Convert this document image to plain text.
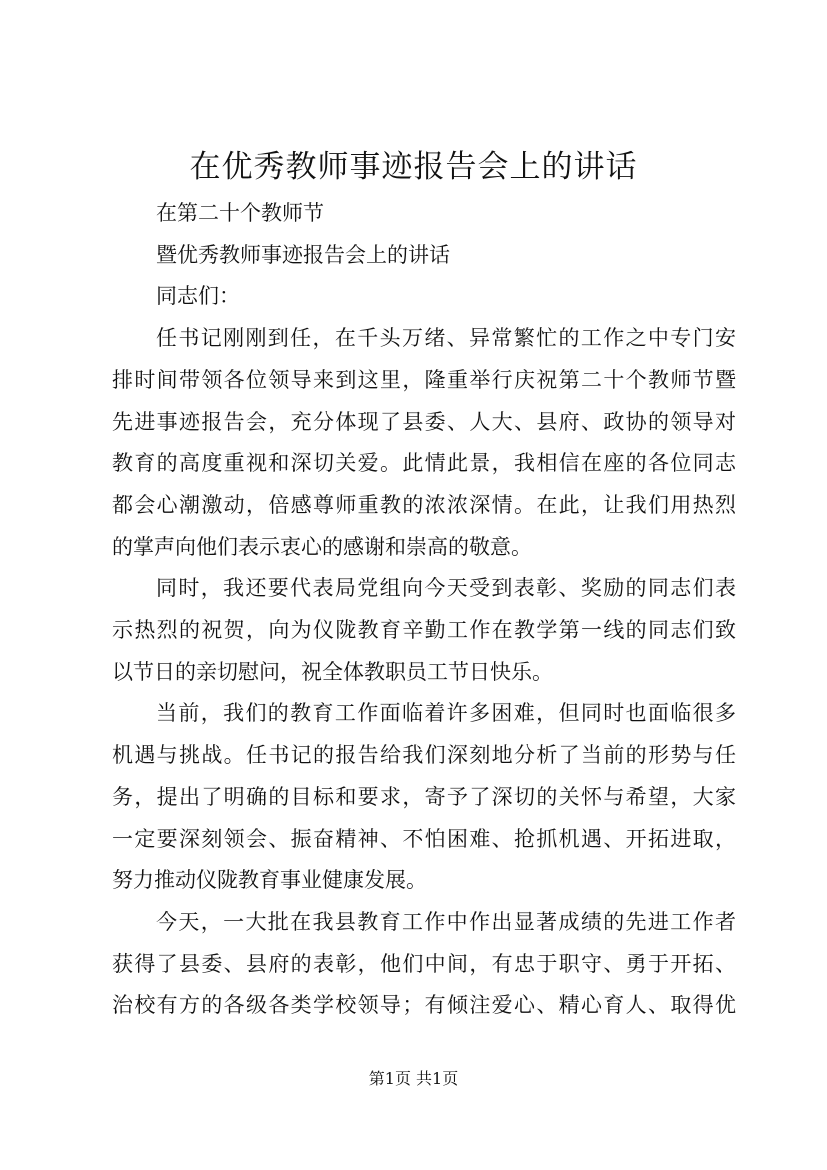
在优秀教师事迹报告会上的讲话
在第二十个教师节
暨优秀教师事迹报告会上的讲话
同志们：
任书记刚刚到任，在千头万绪、异常繁忙的工作之中专门安
排时间带领各位领导来到这里，隆重举行庆祝第二十个教师节暨
先进事迹报告会，充分体现了县委、人大、县府、政协的领导对
教育的高度重视和深切关爱。此情此景，我相信在座的各位同志
都会心潮激动，倍感尊师重教的浓浓深情。在此，让我们用热烈
的掌声向他们表示衷心的感谢和崇高的敬意。
同时，我还要代表局党组向今天受到表彰、奖励的同志们表
示热烈的祝贺，向为仪陇教育辛勤工作在教学第一线的同志们致
以节日的亲切慰问，祝全体教职员工节日快乐。
当前，我们的教育工作面临着许多困难，但同时也面临很多
机遇与挑战。任书记的报告给我们深刻地分析了当前的形势与任
务，提出了明确的目标和要求，寄予了深切的关怀与希望，大家
一定要深刻领会、振奋精神、不怕困难、抢抓机遇、开拓进取，
努力推动仪陇教育事业健康发展。
今天，一大批在我县教育工作中作出显著成绩的先进工作者
获得了县委、县府的表彰，他们中间，有忠于职守、勇于开拓、
治校有方的各级各类学校领导；有倾注爱心、精心育人、取得优
第1页 共1页
